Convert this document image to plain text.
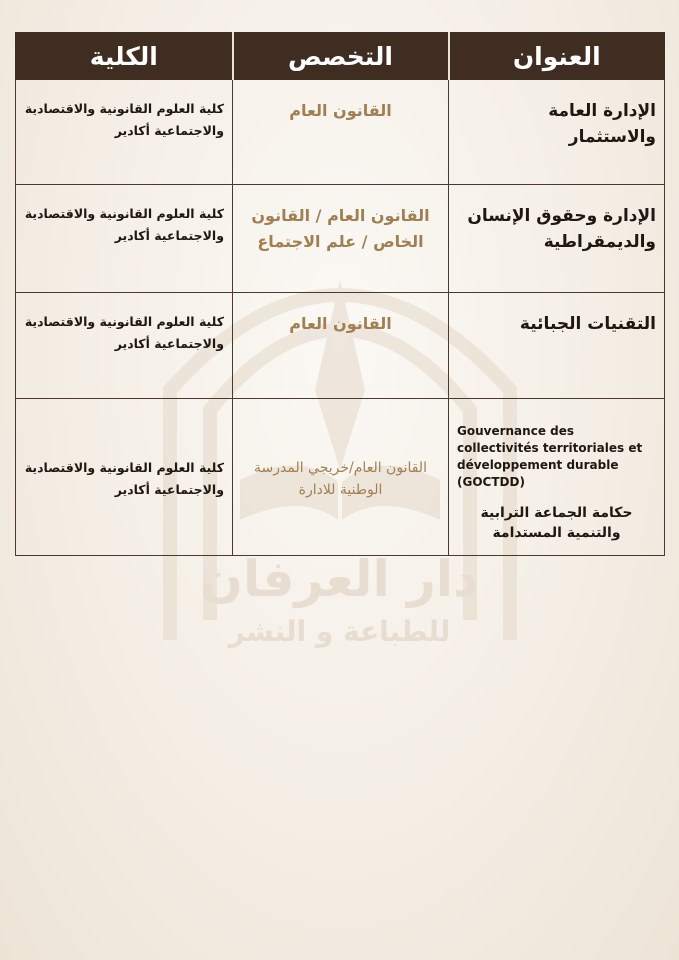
دار العرفان
للطباعة و النشر
العنوان	التخصص	الكلية

الإدارة العامة والاستثمار	القانون العام	كلية العلوم القانونية والاقتصادية والاجتماعية أكادير

الإدارة وحقوق الإنسان والديمقراطية	القانون العام / القانون الخاص / علم الاجتماع	كلية العلوم القانونية والاقتصادية والاجتماعية أكادير

التقنيات الجبائية	القانون العام	كلية العلوم القانونية والاقتصادية والاجتماعية أكادير

Gouvernance des collectivités territoriales et développement durable (GOCTDD)
حكامة الجماعة الترابية والتنمية المستدامة	القانون العام/خريجي المدرسة الوطنية للادارة	كلية العلوم القانونية والاقتصادية والاجتماعية أكادير
